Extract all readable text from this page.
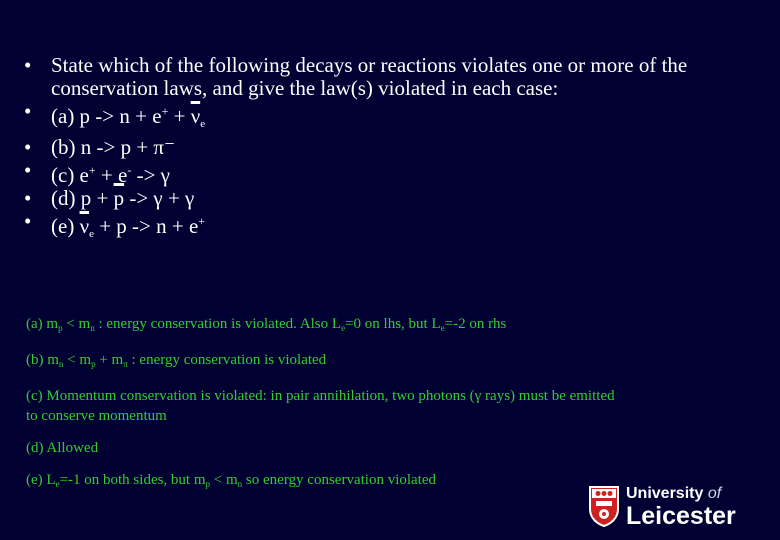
• State which of the following decays or reactions violates one or more of the conservation laws, and give the law(s) violated in each case:
• (a) $p -> n + e^+ + \overline{\nu}_e$
• (b) n -> p + π⁻
• (c) e+ + e- -> γ
• (d) $p + \overline{p} -> \gamma + \gamma$
• (e) $\overline{\nu}_e + p -> n + e^+$
(a) $m_p < m_n$ : energy conservation is violated. Also $L_e=0$ on lhs, but $L_e=-2$ on rhs
(b) $m_n < m_p + m_\pi$ : energy conservation is violated
(c) Momentum conservation is violated: in pair annihilation, two photons (γ rays) must be emitted to conserve momentum
(d) Allowed
(e) $L_e=-1$ on both sides, but $m_p < m_n$ so energy conservation violated
University of
Leicester
